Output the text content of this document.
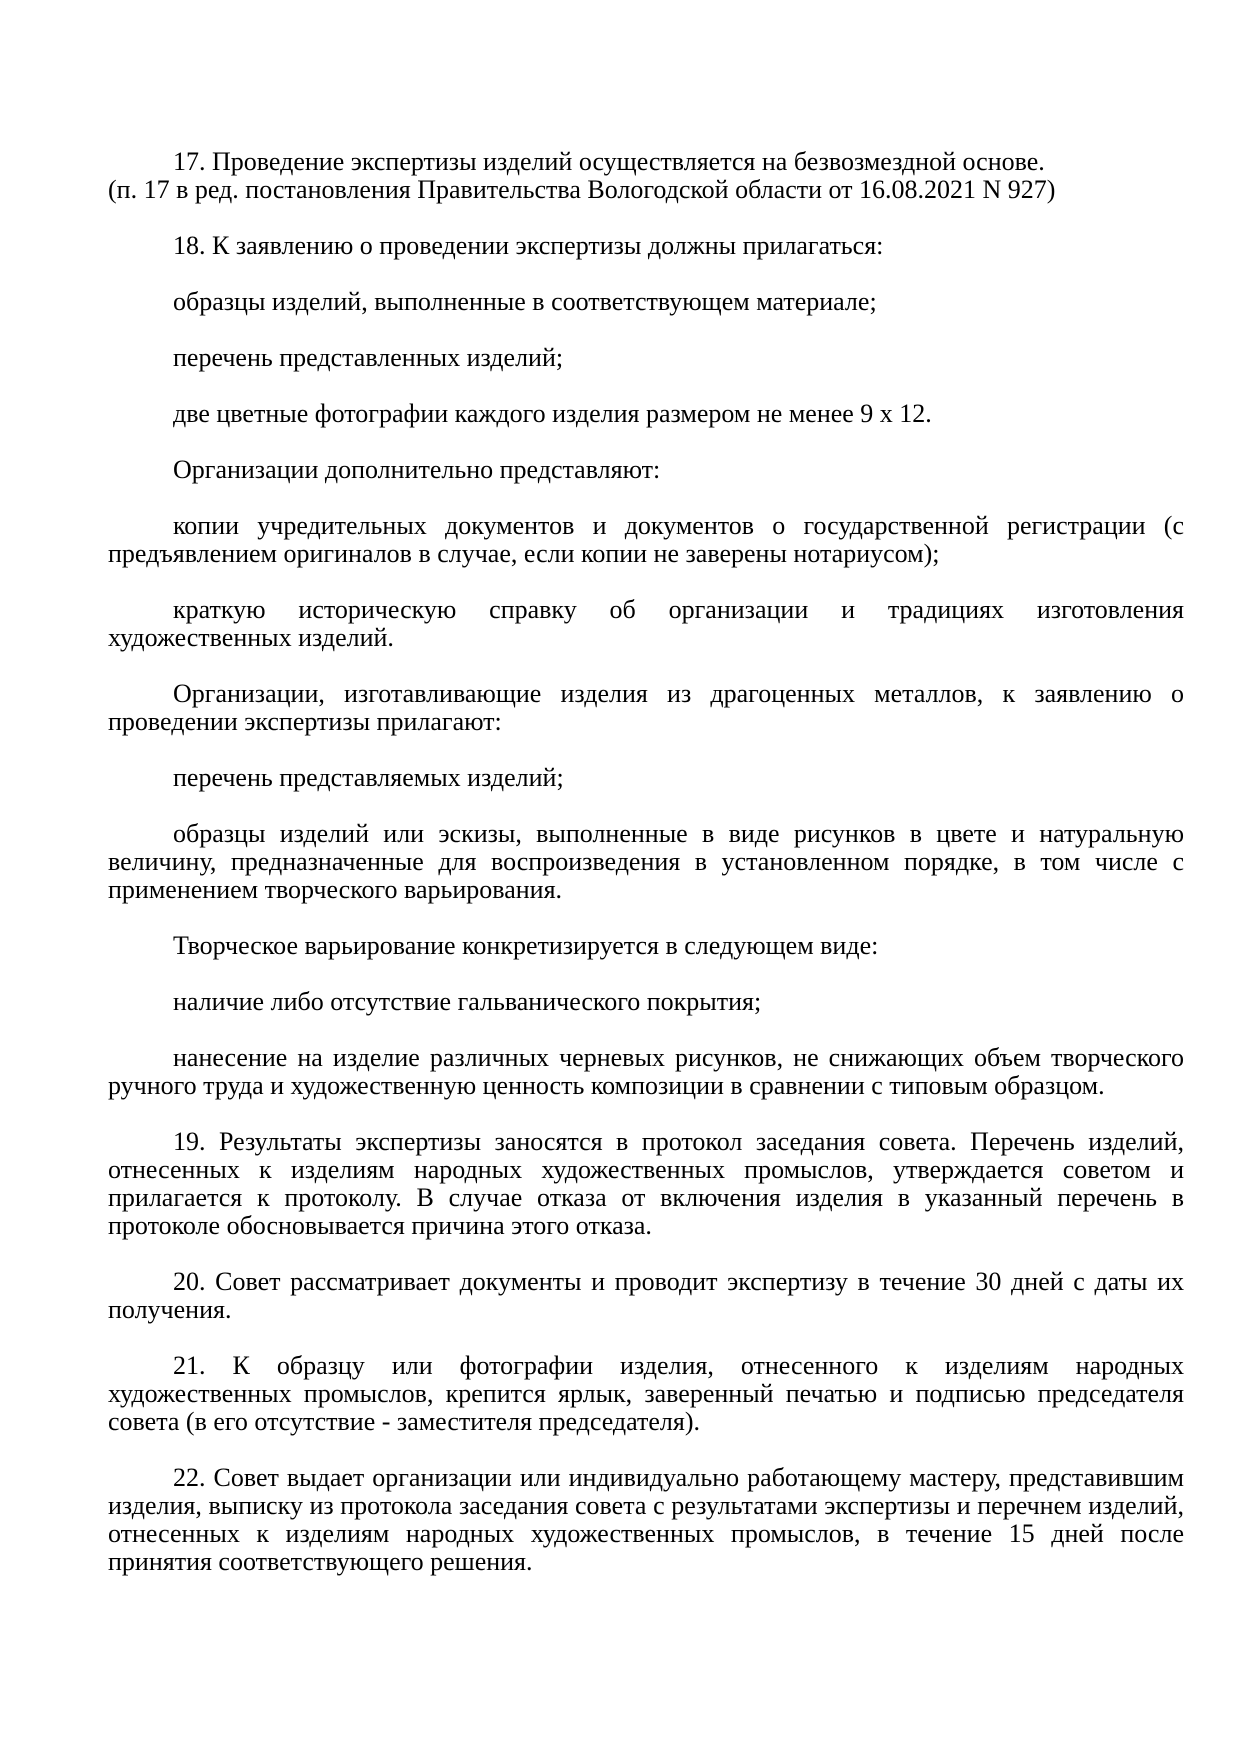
17. Проведение экспертизы изделий осуществляется на безвозмездной основе.

(п. 17 в ред. постановления Правительства Вологодской области от 16.08.2021 N 927)

18. К заявлению о проведении экспертизы должны прилагаться:

образцы изделий, выполненные в соответствующем материале;

перечень представленных изделий;

две цветные фотографии каждого изделия размером не менее 9 х 12.

Организации дополнительно представляют:

копии учредительных документов и документов о государственной регистрации (с предъявлением оригиналов в случае, если копии не заверены нотариусом);

краткую историческую справку об организации и традициях изготовления художественных изделий.

Организации, изготавливающие изделия из драгоценных металлов, к заявлению о проведении экспертизы прилагают:

перечень представляемых изделий;

образцы изделий или эскизы, выполненные в виде рисунков в цвете и натуральную величину, предназначенные для воспроизведения в установленном порядке, в том числе с применением творческого варьирования.

Творческое варьирование конкретизируется в следующем виде:

наличие либо отсутствие гальванического покрытия;

нанесение на изделие различных черневых рисунков, не снижающих объем творческого ручного труда и художественную ценность композиции в сравнении с типовым образцом.

19. Результаты экспертизы заносятся в протокол заседания совета. Перечень изделий, отнесенных к изделиям народных художественных промыслов, утверждается советом и прилагается к протоколу. В случае отказа от включения изделия в указанный перечень в протоколе обосновывается причина этого отказа.

20. Совет рассматривает документы и проводит экспертизу в течение 30 дней с даты их получения.

21. К образцу или фотографии изделия, отнесенного к изделиям народных художественных промыслов, крепится ярлык, заверенный печатью и подписью председателя совета (в его отсутствие - заместителя председателя).

22. Совет выдает организации или индивидуально работающему мастеру, представившим изделия, выписку из протокола заседания совета с результатами экспертизы и перечнем изделий, отнесенных к изделиям народных художественных промыслов, в течение 15 дней после принятия соответствующего решения.
